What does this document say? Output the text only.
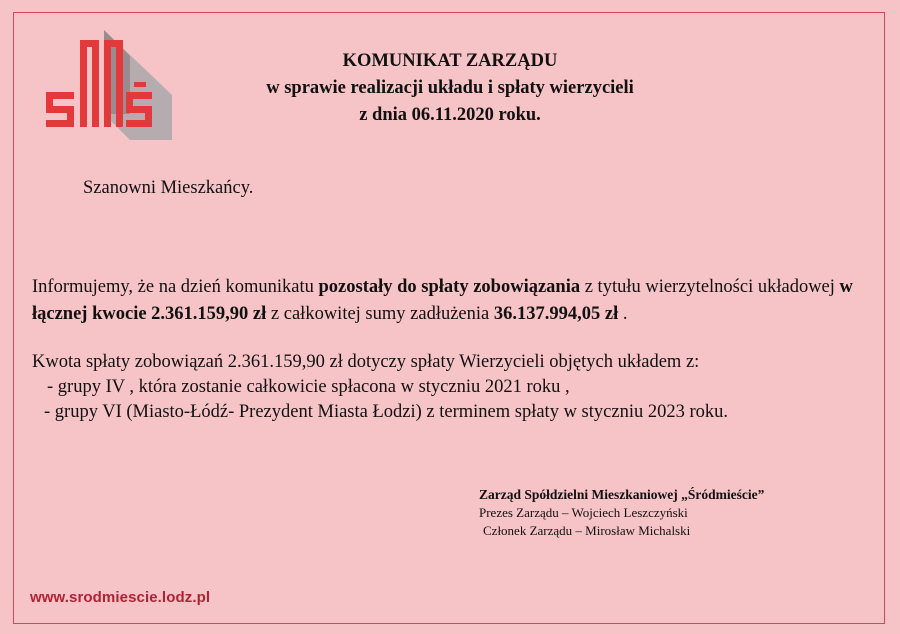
KOMUNIKAT ZARZĄDU
w sprawie realizacji układu i spłaty wierzycieli
z dnia 06.11.2020 roku.
Szanowni Mieszkańcy.
Informujemy, że na dzień komunikatu pozostały do spłaty zobowiązania z tytułu wierzytelności układowej w łącznej kwocie 2.361.159,90 zł z całkowitej sumy zadłużenia 36.137.994,05 zł .
Kwota spłaty zobowiązań 2.361.159,90 zł dotyczy spłaty Wierzycieli objętych układem z:
- grupy IV , która zostanie całkowicie spłacona w styczniu 2021 roku ,
- grupy VI (Miasto-Łódź- Prezydent Miasta Łodzi) z terminem spłaty w styczniu 2023 roku.
Zarząd Spółdzielni Mieszkaniowej „Śródmieście”
Prezes Zarządu – Wojciech Leszczyński
Członek Zarządu – Mirosław Michalski
www.srodmiescie.lodz.pl
